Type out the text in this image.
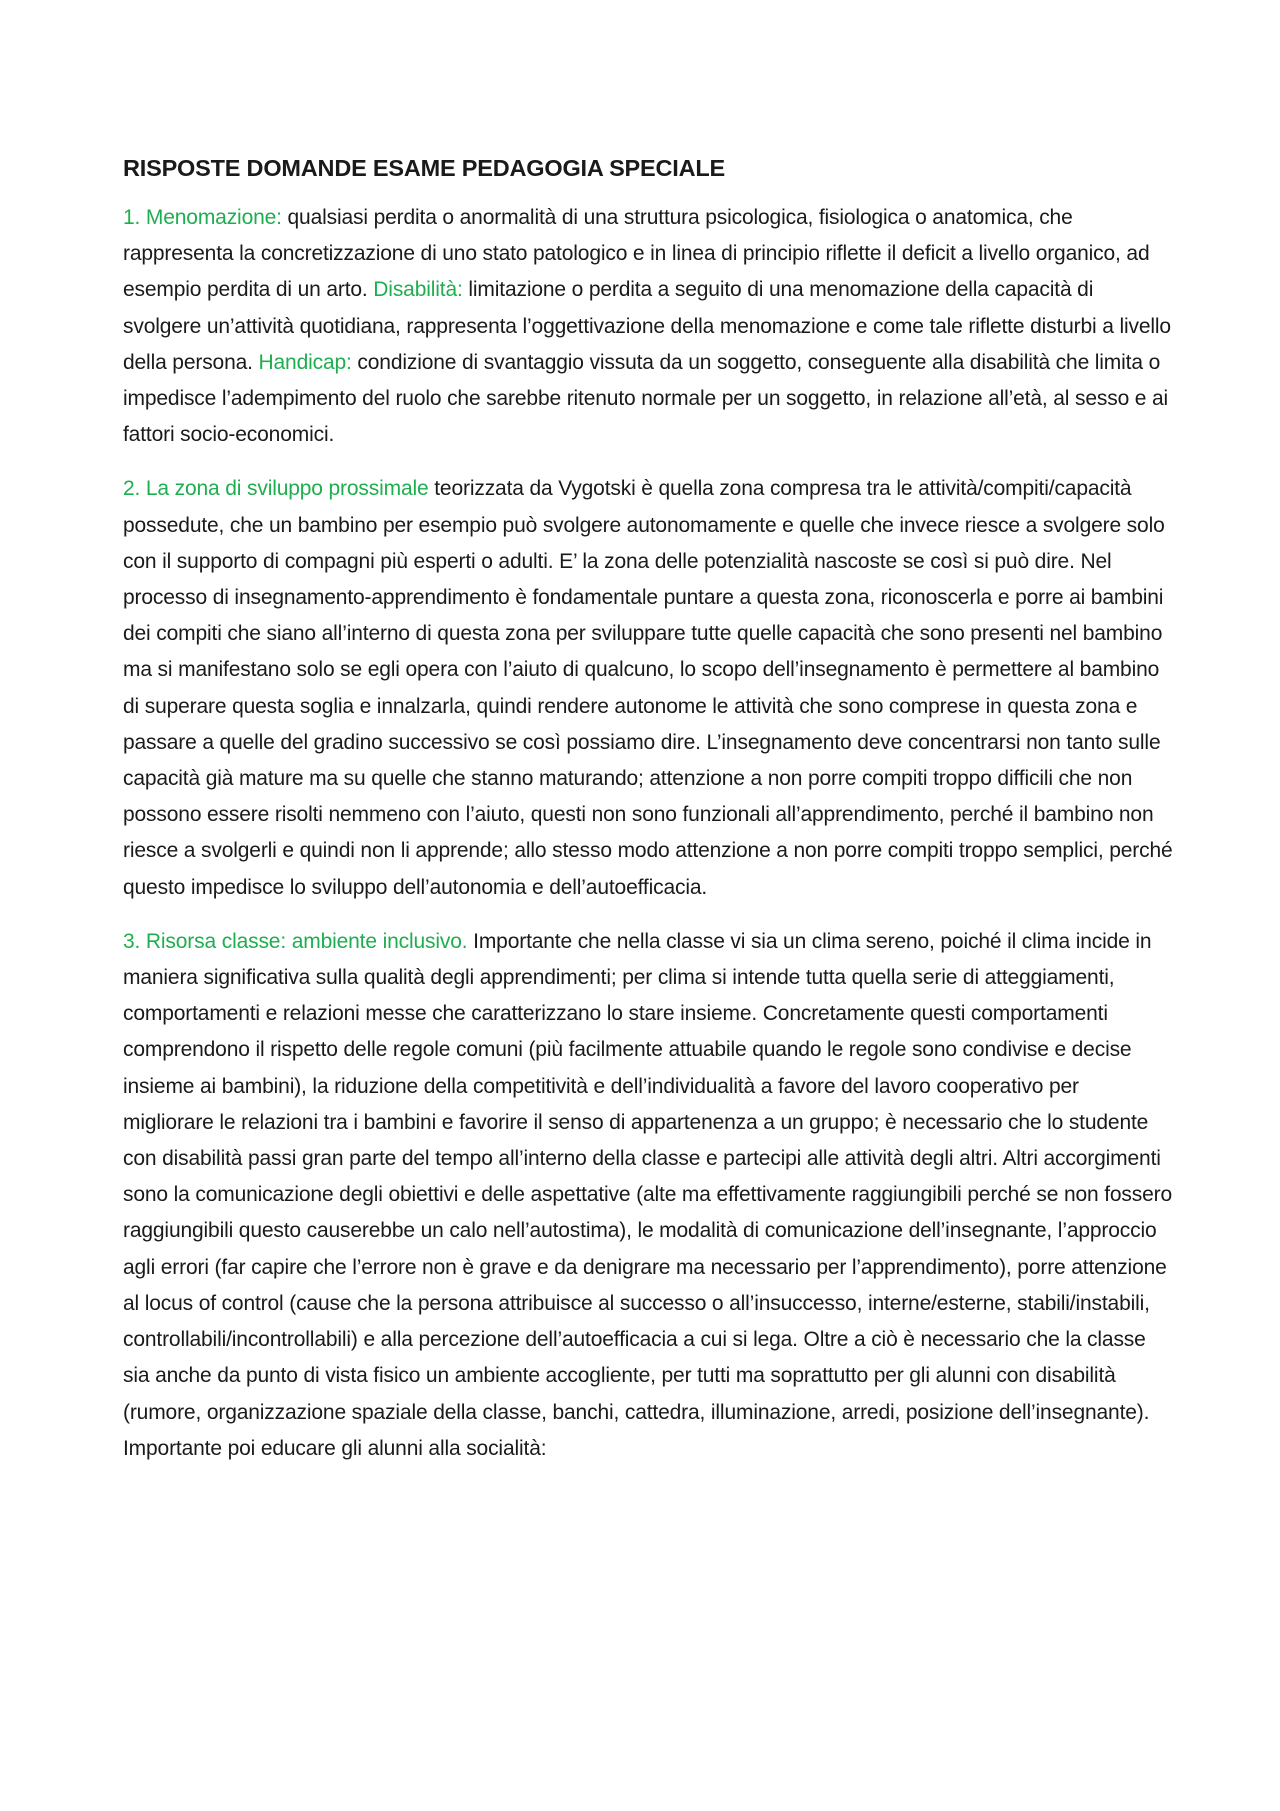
RISPOSTE DOMANDE ESAME PEDAGOGIA SPECIALE

1. Menomazione: qualsiasi perdita o anormalità di una struttura psicologica, fisiologica o anatomica, che rappresenta la concretizzazione di uno stato patologico e in linea di principio riflette il deficit a livello organico, ad esempio perdita di un arto. Disabilità: limitazione o perdita a seguito di una menomazione della capacità di svolgere un’attività quotidiana, rappresenta l’oggettivazione della menomazione e come tale riflette disturbi a livello della persona. Handicap: condizione di svantaggio vissuta da un soggetto, conseguente alla disabilità che limita o impedisce l’adempimento del ruolo che sarebbe ritenuto normale per un soggetto, in relazione all’età, al sesso e ai fattori socio-economici.

2. La zona di sviluppo prossimale teorizzata da Vygotski è quella zona compresa tra le attività/compiti/capacità possedute, che un bambino per esempio può svolgere autonomamente e quelle che invece riesce a svolgere solo con il supporto di compagni più esperti o adulti. E’ la zona delle potenzialità nascoste se così si può dire. Nel processo di insegnamento-apprendimento è fondamentale puntare a questa zona, riconoscerla e porre ai bambini dei compiti che siano all’interno di questa zona per sviluppare tutte quelle capacità che sono presenti nel bambino ma si manifestano solo se egli opera con l’aiuto di qualcuno, lo scopo dell’insegnamento è permettere al bambino di superare questa soglia e innalzarla, quindi rendere autonome le attività che sono comprese in questa zona e passare a quelle del gradino successivo se così possiamo dire. L’insegnamento deve concentrarsi non tanto sulle capacità già mature ma su quelle che stanno maturando; attenzione a non porre compiti troppo difficili che non possono essere risolti nemmeno con l’aiuto, questi non sono funzionali all’apprendimento, perché il bambino non riesce a svolgerli e quindi non li apprende; allo stesso modo attenzione a non porre compiti troppo semplici, perché questo impedisce lo sviluppo dell’autonomia e dell’autoefficacia.

3. Risorsa classe: ambiente inclusivo. Importante che nella classe vi sia un clima sereno, poiché il clima incide in maniera significativa sulla qualità degli apprendimenti; per clima si intende tutta quella serie di atteggiamenti, comportamenti e relazioni messe che caratterizzano lo stare insieme. Concretamente questi comportamenti comprendono il rispetto delle regole comuni (più facilmente attuabile quando le regole sono condivise e decise insieme ai bambini), la riduzione della competitività e dell’individualità a favore del lavoro cooperativo per migliorare le relazioni tra i bambini e favorire il senso di appartenenza a un gruppo; è necessario che lo studente con disabilità passi gran parte del tempo all’interno della classe e partecipi alle attività degli altri. Altri accorgimenti sono la comunicazione degli obiettivi e delle aspettative (alte ma effettivamente raggiungibili perché se non fossero raggiungibili questo causerebbe un calo nell’autostima), le modalità di comunicazione dell’insegnante, l’approccio agli errori (far capire che l’errore non è grave e da denigrare ma necessario per l’apprendimento), porre attenzione al locus of control (cause che la persona attribuisce al successo o all’insuccesso, interne/esterne, stabili/instabili, controllabili/incontrollabili) e alla percezione dell’autoefficacia a cui si lega. Oltre a ciò è necessario che la classe sia anche da punto di vista fisico un ambiente accogliente, per tutti ma soprattutto per gli alunni con disabilità (rumore, organizzazione spaziale della classe, banchi, cattedra, illuminazione, arredi, posizione dell’insegnante). Importante poi educare gli alunni alla socialità:
